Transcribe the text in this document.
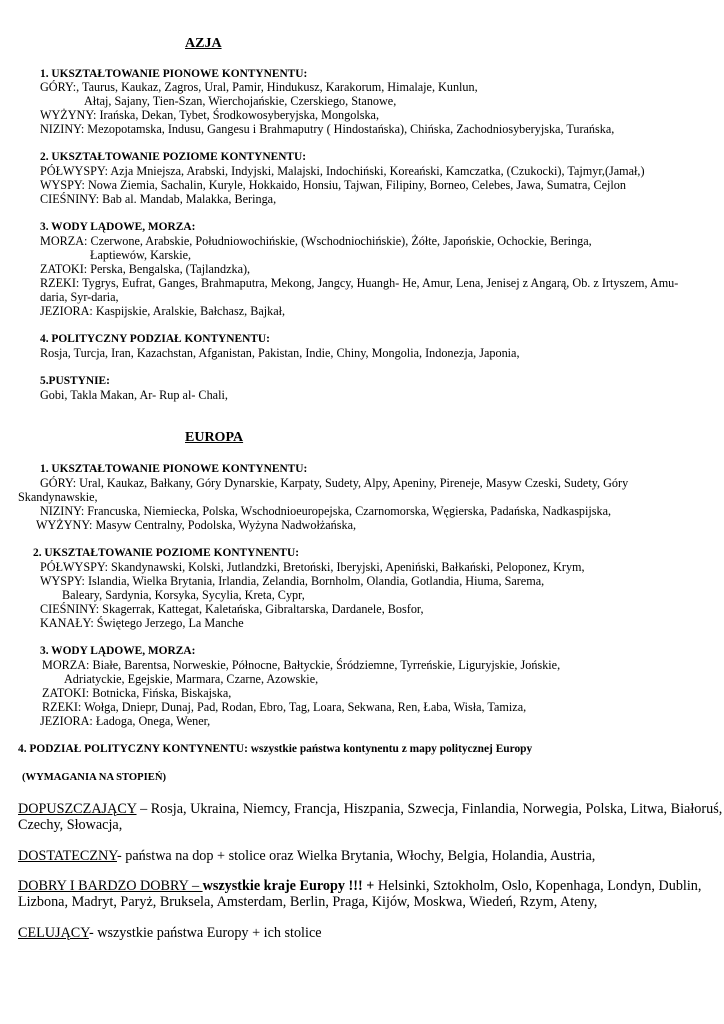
AZJA
1. UKSZTAŁTOWANIE PIONOWE KONTYNENTU:
GÓRY:, Taurus, Kaukaz, Zagros, Ural, Pamir, Hindukusz, Karakorum, Himalaje, Kunlun,
Ałtaj, Sajany, Tien-Szan, Wierchojańskie, Czerskiego, Stanowe,
WYŻYNY: Irańska, Dekan, Tybet, Środkowosyberyjska, Mongolska,
NIZINY: Mezopotamska, Indusu, Gangesu i Brahmaputry ( Hindostańska), Chińska, Zachodniosyberyjska, Turańska,
2. UKSZTAŁTOWANIE POZIOME KONTYNENTU:
PÓŁWYSPY: Azja Mniejsza, Arabski, Indyjski, Malajski, Indochiński, Koreański, Kamczatka, (Czukocki), Tajmyr,(Jamał,)
WYSPY: Nowa Ziemia, Sachalin, Kuryle, Hokkaido, Honsiu, Tajwan, Filipiny, Borneo, Celebes, Jawa, Sumatra, Cejlon
CIEŚNINY: Bab al. Mandab, Malakka, Beringa,
3. WODY LĄDOWE, MORZA:
MORZA: Czerwone, Arabskie, Południowochińskie, (Wschodniochińskie), Żółte, Japońskie, Ochockie, Beringa,
Łaptiewów, Karskie,
ZATOKI: Perska, Bengalska, (Tajlandzka),
RZEKI: Tygrys, Eufrat, Ganges, Brahmaputra, Mekong, Jangcy, Huangh- He, Amur, Lena, Jenisej z Angarą, Ob. z Irtyszem, Amu-
daria, Syr-daria,
JEZIORA: Kaspijskie, Aralskie, Bałchasz, Bajkał,
4. POLITYCZNY PODZIAŁ KONTYNENTU:
Rosja, Turcja, Iran, Kazachstan, Afganistan, Pakistan, Indie, Chiny, Mongolia, Indonezja, Japonia,
5.PUSTYNIE:
Gobi, Takla Makan, Ar- Rup al- Chali,
EUROPA
1. UKSZTAŁTOWANIE PIONOWE KONTYNENTU:
GÓRY: Ural, Kaukaz, Bałkany, Góry Dynarskie, Karpaty, Sudety, Alpy, Apeniny, Pireneje, Masyw Czeski, Sudety, Góry
Skandynawskie,
NIZINY: Francuska, Niemiecka, Polska, Wschodnioeuropejska, Czarnomorska, Węgierska, Padańska, Nadkaspijska,
WYŻYNY: Masyw Centralny, Podolska, Wyżyna Nadwołżańska,
2. UKSZTAŁTOWANIE POZIOME KONTYNENTU:
PÓŁWYSPY: Skandynawski, Kolski, Jutlandzki, Bretoński, Iberyjski, Apeniński, Bałkański, Peloponez, Krym,
WYSPY: Islandia, Wielka Brytania, Irlandia, Zelandia, Bornholm, Olandia, Gotlandia, Hiuma, Sarema,
Baleary, Sardynia, Korsyka, Sycylia, Kreta, Cypr,
CIEŚNINY: Skagerrak, Kattegat, Kaletańska, Gibraltarska, Dardanele, Bosfor,
KANAŁY: Świętego Jerzego, La Manche
3. WODY LĄDOWE, MORZA:
MORZA: Białe, Barentsa, Norweskie, Północne, Bałtyckie, Śródziemne, Tyrreńskie, Liguryjskie, Jońskie,
Adriatyckie, Egejskie, Marmara, Czarne, Azowskie,
ZATOKI: Botnicka, Fińska, Biskajska,
RZEKI: Wołga, Dniepr, Dunaj, Pad, Rodan, Ebro, Tag, Loara, Sekwana, Ren, Łaba, Wisła, Tamiza,
JEZIORA: Ładoga, Onega, Wener,
4. PODZIAŁ POLITYCZNY KONTYNENTU: wszystkie państwa kontynentu z mapy politycznej Europy
(WYMAGANIA NA STOPIEŃ)
DOPUSZCZAJĄCY – Rosja, Ukraina, Niemcy, Francja, Hiszpania, Szwecja, Finlandia, Norwegia, Polska, Litwa, Białoruś,
Czechy, Słowacja,
DOSTATECZNY- państwa na dop + stolice oraz Wielka Brytania, Włochy, Belgia, Holandia, Austria,
DOBRY I BARDZO DOBRY – wszystkie kraje Europy !!! + Helsinki, Sztokholm, Oslo, Kopenhaga, Londyn, Dublin,
Lizbona, Madryt, Paryż, Bruksela, Amsterdam, Berlin, Praga, Kijów, Moskwa, Wiedeń, Rzym, Ateny,
CELUJĄCY- wszystkie państwa Europy + ich stolice
